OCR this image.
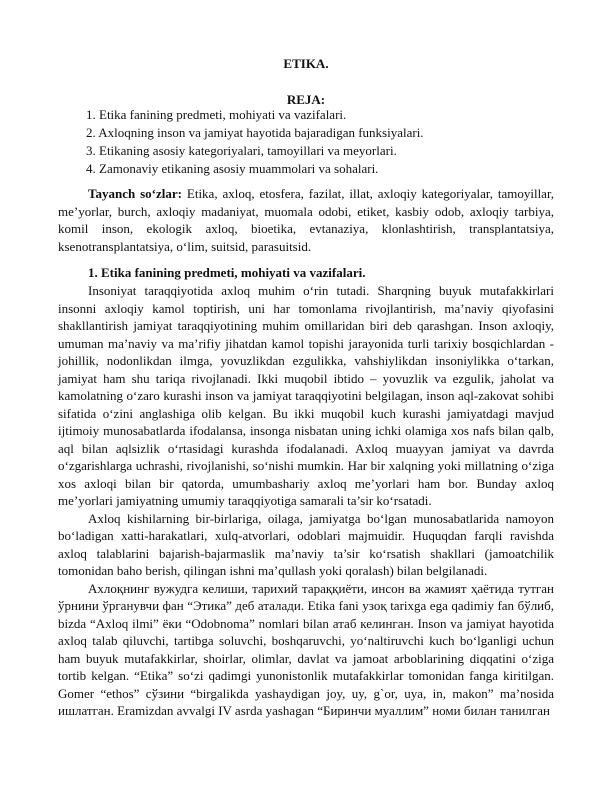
ETIKA.
REJA:
1. Etika fanining predmeti, mohiyati va vazifalari.
2. Axloqning inson va jamiyat hayotida bajaradigan funksiyalari.
3. Etikaning asosiy kategoriyalari, tamoyillari va meyorlari.
4. Zamonaviy etikaning asosiy muammolari va sohalari.

Tayanch so‘zlar: Etika, axloq, etosfera, fazilat, illat, axloqiy kategoriyalar, tamoyillar, me’yorlar, burch, axloqiy madaniyat, muomala odobi, etiket, kasbiy odob, axloqiy tarbiya, komil inson, ekologik axloq, bioetika, evtanaziya, klonlashtirish, transplantatsiya, ksenotransplantatsiya, o‘lim, suitsid, parasuitsid.

1. Etika fanining predmeti, mohiyati va vazifalari.

Insoniyat taraqqiyotida axloq muhim o‘rin tutadi. Sharqning buyuk mutafakkirlari insonni axloqiy kamol toptirish, uni har tomonlama rivojlantirish, ma’naviy qiyofasini shakllantirish jamiyat taraqqiyotining muhim omillaridan biri deb qarashgan. Inson axloqiy, umuman ma’naviy va ma’rifiy jihatdan kamol topishi jarayonida turli tarixiy bosqichlardan - johillik, nodonlikdan ilmga, yovuzlikdan ezgulikka, vahshiylikdan insoniylikka o‘tarkan, jamiyat ham shu tariqa rivojlanadi. Ikki muqobil ibtido – yovuzlik va ezgulik, jaholat va kamolatning o‘zaro kurashi inson va jamiyat taraqqiyotini belgilagan, inson aql-zakovat sohibi sifatida o‘zini anglashiga olib kelgan. Bu ikki muqobil kuch kurashi jamiyatdagi mavjud ijtimoiy munosabatlarda ifodalansa, insonga nisbatan uning ichki olamiga xos nafs bilan qalb, aql bilan aqlsizlik o‘rtasidagi kurashda ifodalanadi. Axloq muayyan jamiyat va davrda o‘zgarishlarga uchrashi, rivojlanishi, so‘nishi mumkin. Har bir xalqning yoki millatning o‘ziga xos axloqi bilan bir qatorda, umumbashariy axloq me’yorlari ham bor. Bunday axloq me’yorlari jamiyatning umumiy taraqqiyotiga samarali ta’sir ko‘rsatadi.

Axloq kishilarning bir-birlariga, oilaga, jamiyatga bo‘lgan munosabatlarida namoyon bo‘ladigan xatti-harakatlari, xulq-atvorlari, odoblari majmuidir. Huquqdan farqli ravishda axloq talablarini bajarish-bajarmaslik ma’naviy ta’sir ko‘rsatish shakllari (jamoatchilik tomonidan baho berish, qilingan ishni ma’qullash yoki qoralash) bilan belgilanadi.

Ахлоқнинг вужудга келиши, тарихий тараққиёти, инсон ва жамият ҳаётида тутган ўрнини ўрганувчи фан “Этика” деб аталади. Etika fani узоқ tarixga ega qadimiy fan бўлиб, bizda “Axloq ilmi” ёки “Odobnoma” nomlari bilan атаб келинган. Inson va jamiyat hayotida axloq talab qiluvchi, tartibga soluvchi, boshqaruvchi, yo‘naltiruvchi kuch bo‘lganligi uchun ham buyuk mutafakkirlar, shoirlar, olimlar, davlat va jamoat arboblarining diqqatini o‘ziga tortib kelgan. “Etika” so‘zi qadimgi yunonistonlik mutafakkirlar tomonidan fanga kiritilgan. Gomer “ethos” сўзини “birgalikda yashaydigan joy, uy, g`or, uya, in, makon” ma’nosida ишлатган. Eramizdan avvalgi IV asrda yashagan “Биринчи муаллим” номи билан танилган
